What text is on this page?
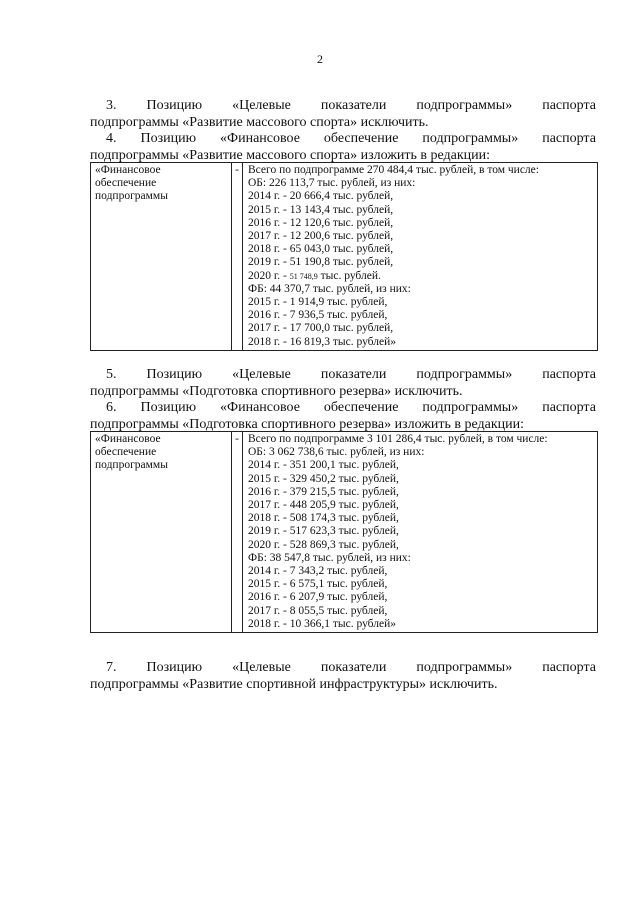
2
3. Позицию «Целевые показатели подпрограммы» паспорта
подпрограммы «Развитие массового спорта» исключить.
4. Позицию «Финансовое обеспечение подпрограммы» паспорта
подпрограммы «Развитие массового спорта» изложить в редакции:
«Финансовое
обеспечение
подпрограммы
	-	Всего по подпрограмме 270 484,4 тыс. рублей, в том числе:
ОБ: 226 113,7 тыс. рублей, из них:
2014 г. - 20 666,4 тыс. рублей,
2015 г. - 13 143,4 тыс. рублей,
2016 г. - 12 120,6 тыс. рублей,
2017 г. - 12 200,6 тыс. рублей,
2018 г. - 65 043,0 тыс. рублей,
2019 г. - 51 190,8 тыс. рублей,
2020 г. - 51 748,9 тыс. рублей.
ФБ: 44 370,7 тыс. рублей, из них:
2015 г. - 1 914,9 тыс. рублей,
2016 г. - 7 936,5 тыс. рублей,
2017 г. - 17 700,0 тыс. рублей,
2018 г. - 16 819,3 тыс. рублей»
5. Позицию «Целевые показатели подпрограммы» паспорта
подпрограммы «Подготовка спортивного резерва» исключить.
6. Позицию «Финансовое обеспечение подпрограммы» паспорта
подпрограммы «Подготовка спортивного резерва» изложить в редакции:
«Финансовое
обеспечение
подпрограммы
	-	Всего по подпрограмме 3 101 286,4 тыс. рублей, в том числе:
ОБ: 3 062 738,6 тыс. рублей, из них:
2014 г. - 351 200,1 тыс. рублей,
2015 г. - 329 450,2 тыс. рублей,
2016 г. - 379 215,5 тыс. рублей,
2017 г. - 448 205,9 тыс. рублей,
2018 г. - 508 174,3 тыс. рублей,
2019 г. - 517 623,3 тыс. рублей,
2020 г. - 528 869,3 тыс. рублей,
ФБ: 38 547,8 тыс. рублей, из них:
2014 г. - 7 343,2 тыс. рублей,
2015 г. - 6 575,1 тыс. рублей,
2016 г. - 6 207,9 тыс. рублей,
2017 г. - 8 055,5 тыс. рублей,
2018 г. - 10 366,1 тыс. рублей»
7. Позицию «Целевые показатели подпрограммы» паспорта
подпрограммы «Развитие спортивной инфраструктуры» исключить.
